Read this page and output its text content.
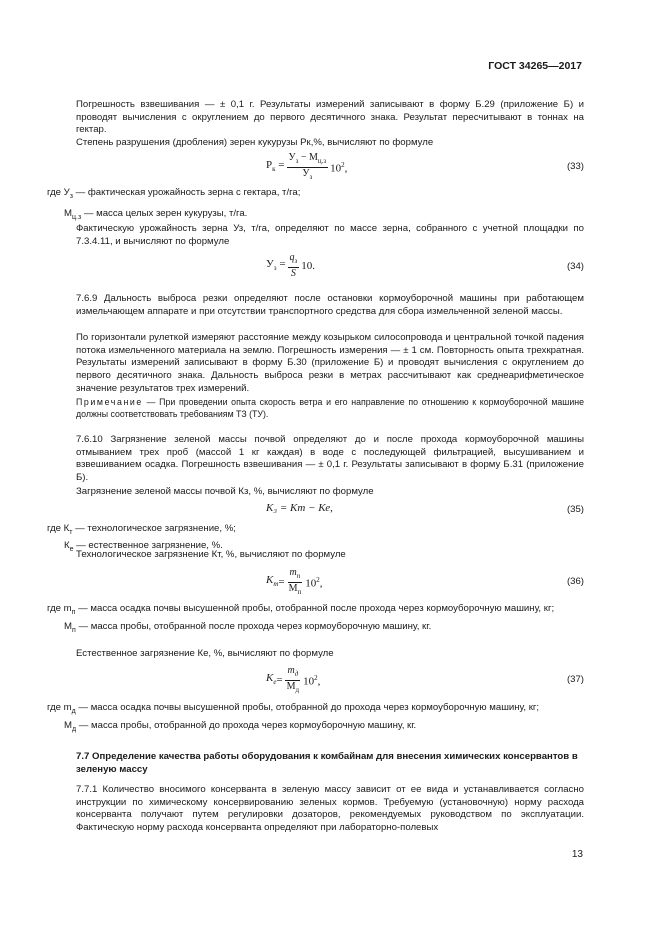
ГОСТ 34265—2017

Погрешность взвешивания — ± 0,1 г. Результаты измерений записывают в форму Б.29 (приложение Б) и проводят вычисления с округлением до первого десятичного знака. Результат пересчитывают в тоннах на гектар.

Степень разрушения (дробления) зерен кукурузы Рк,%, вычисляют по формуле

$Р_к = \frac{У_з - М_{ц.з}}{У_з} 10^2$,	(33)
где $У_з$ — фактическая урожайность зерна с гектара, т/га;
$М_{ц.з}$ — масса целых зерен кукурузы, т/га.

Фактическую урожайность зерна Уз, т/га, определяют по массе зерна, собранного с учетной площадки по 7.3.4.11, и вычисляют по формуле

$У_з = \frac{q_з}{S} 10$.	(34)

7.6.9 Дальность выброса резки определяют после остановки кормоуборочной машины при работающем измельчающем аппарате и при отсутствии транспортного средства для сбора измельченной зеленой массы.

По горизонтали рулеткой измеряют расстояние между козырьком силосопровода и центральной точкой падения потока измельченного материала на землю. Погрешность измерения — ± 1 см. Повторность опыта трехкратная. Результаты измерений записывают в форму Б.30 (приложение Б) и проводят вычисления с округлением до первого десятичного знака. Дальность выброса резки в метрах рассчитывают как среднеарифметическое значение результатов трех измерений.

Примечание — При проведении опыта скорость ветра и его направление по отношению к кормоуборочной машине должны соответствовать требованиям ТЗ (ТУ).

7.6.10 Загрязнение зеленой массы почвой определяют до и после прохода кормоуборочной машины отмыванием трех проб (массой 1 кг каждая) в воде с последующей фильтрацией, высушиванием и взвешиванием осадка. Погрешность взвешивания — ± 0,1 г. Результаты записывают в форму Б.31 (приложение Б).

Загрязнение зеленой массы почвой Кз, %, вычисляют по формуле

К₃ = Кт − Ке,	(35)
где $К_т$ — технологическое загрязнение, %;
$К_е$ — естественное загрязнение, %.

Технологическое загрязнение Кт, %, вычисляют по формуле

$К_т = \frac{m_п}{М_п} 10^2$,	(36)
где $m_п$ — масса осадка почвы высушенной пробы, отобранной после прохода через кормоуборочную машину, кг;
$М_п$ — масса пробы, отобранной после прохода через кормоуборочную машину, кг.

Естественное загрязнение Ке, %, вычисляют по формуле

$К_е = \frac{m_д}{М_д} 10^2$,	(37)
где $m_д$ — масса осадка почвы высушенной пробы, отобранной до прохода через кормоуборочную машину, кг;
$М_д$ — масса пробы, отобранной до прохода через кормоуборочную машину, кг.

7.7 Определение качества работы оборудования к комбайнам для внесения химических консервантов в зеленую массу

7.7.1 Количество вносимого консерванта в зеленую массу зависит от ее вида и устанавливается согласно инструкции по химическому консервированию зеленых кормов. Требуемую (установочную) норму расхода консерванта получают путем регулировки дозаторов, рекомендуемых руководством по эксплуатации. Фактическую норму расхода консерванта определяют при лабораторно-полевых

13
